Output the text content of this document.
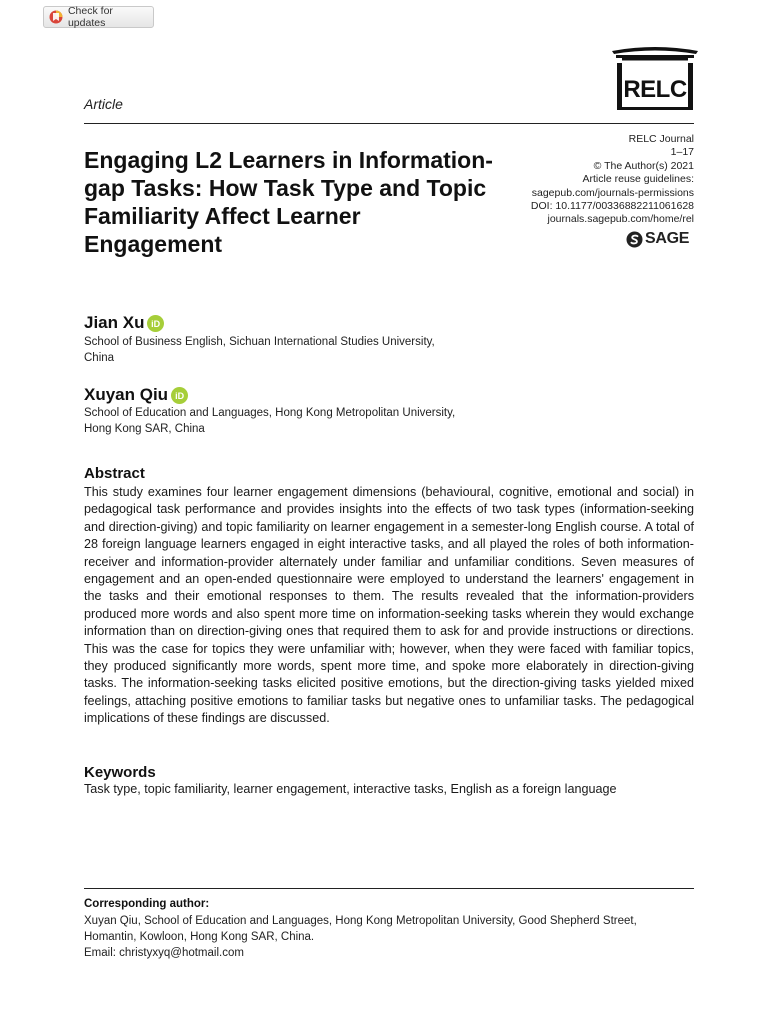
Check for updates
RELC
Article
RELC Journal
1–17
© The Author(s) 2021
Article reuse guidelines:
sagepub.com/journals-permissions
DOI: 10.1177/00336882211061628
journals.sagepub.com/home/rel
SAGE
Engaging L2 Learners in Information-gap Tasks: How Task Type and Topic Familiarity Affect Learner Engagement
Jian Xu iD
School of Business English, Sichuan International Studies University,
China
Xuyan Qiu iD
School of Education and Languages, Hong Kong Metropolitan University,
Hong Kong SAR, China
Abstract

This study examines four learner engagement dimensions (behavioural, cognitive, emotional and social) in pedagogical task performance and provides insights into the effects of two task types (information-seeking and direction-giving) and topic familiarity on learner engagement in a semester-long English course. A total of 28 foreign language learners engaged in eight interactive tasks, and all played the roles of both information-receiver and information-provider alternately under familiar and unfamiliar conditions. Seven measures of engagement and an open-ended questionnaire were employed to understand the learners' engagement in the tasks and their emotional responses to them. The results revealed that the information-providers produced more words and also spent more time on information-seeking tasks wherein they would exchange information than on direction-giving ones that required them to ask for and provide instructions or directions. This was the case for topics they were unfamiliar with; however, when they were faced with familiar topics, they produced significantly more words, spent more time, and spoke more elaborately in direction-giving tasks. The information-seeking tasks elicited positive emotions, but the direction-giving tasks yielded mixed feelings, attaching positive emotions to familiar tasks but negative ones to unfamiliar tasks. The pedagogical implications of these findings are discussed.

Keywords
Task type, topic familiarity, learner engagement, interactive tasks, English as a foreign language
Corresponding author:
Xuyan Qiu, School of Education and Languages, Hong Kong Metropolitan University, Good Shepherd Street,
Homantin, Kowloon, Hong Kong SAR, China.
Email: christyxyq@hotmail.com
